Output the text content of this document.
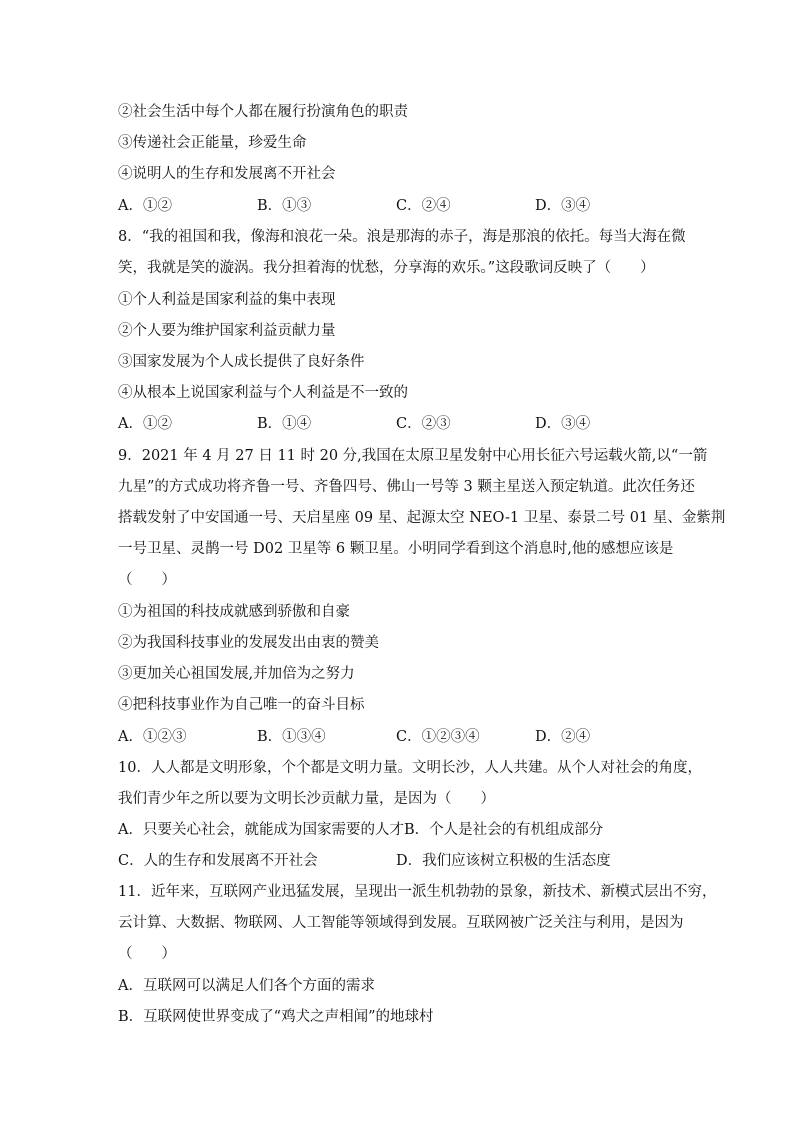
②社会生活中每个人都在履行扮演角色的职责
③传递社会正能量，珍爱生命
④说明人的生存和发展离不开社会
A．①②	B．①③	C．②④	D．③④
8．“我的祖国和我，像海和浪花一朵。浪是那海的赤子，海是那浪的依托。每当大海在微
笑，我就是笑的漩涡。我分担着海的忧愁，分享海的欢乐。”这段歌词反映了（　　）
①个人利益是国家利益的集中表现
②个人要为维护国家利益贡献力量
③国家发展为个人成长提供了良好条件
④从根本上说国家利益与个人利益是不一致的
A．①②	B．①④	C．②③	D．③④
9．2021 年 4 月 27 日 11 时 20 分,我国在太原卫星发射中心用长征六号运载火箭,以“一箭
九星”的方式成功将齐鲁一号、齐鲁四号、佛山一号等 3 颗主星送入预定轨道。此次任务还
搭载发射了中安国通一号、天启星座 09 星、起源太空 NEO-1 卫星、泰景二号 01 星、金紫荆
一号卫星、灵鹊一号 D02 卫星等 6 颗卫星。小明同学看到这个消息时,他的感想应该是
（　　）
①为祖国的科技成就感到骄傲和自豪
②为我国科技事业的发展发出由衷的赞美
③更加关心祖国发展,并加倍为之努力
④把科技事业作为自己唯一的奋斗目标
A．①②③	B．①③④	C．①②③④	D．②④
10．人人都是文明形象，个个都是文明力量。文明长沙，人人共建。从个人对社会的角度，
我们青少年之所以要为文明长沙贡献力量，是因为（　　）
A．只要关心社会，就能成为国家需要的人才B．个人是社会的有机组成部分
C．人的生存和发展离不开社会	D．我们应该树立积极的生活态度
11．近年来，互联网产业迅猛发展，呈现出一派生机勃勃的景象，新技术、新模式层出不穷，
云计算、大数据、物联网、人工智能等领域得到发展。互联网被广泛关注与利用，是因为
（　　）
A．互联网可以满足人们各个方面的需求
B．互联网使世界变成了“鸡犬之声相闻”的地球村
